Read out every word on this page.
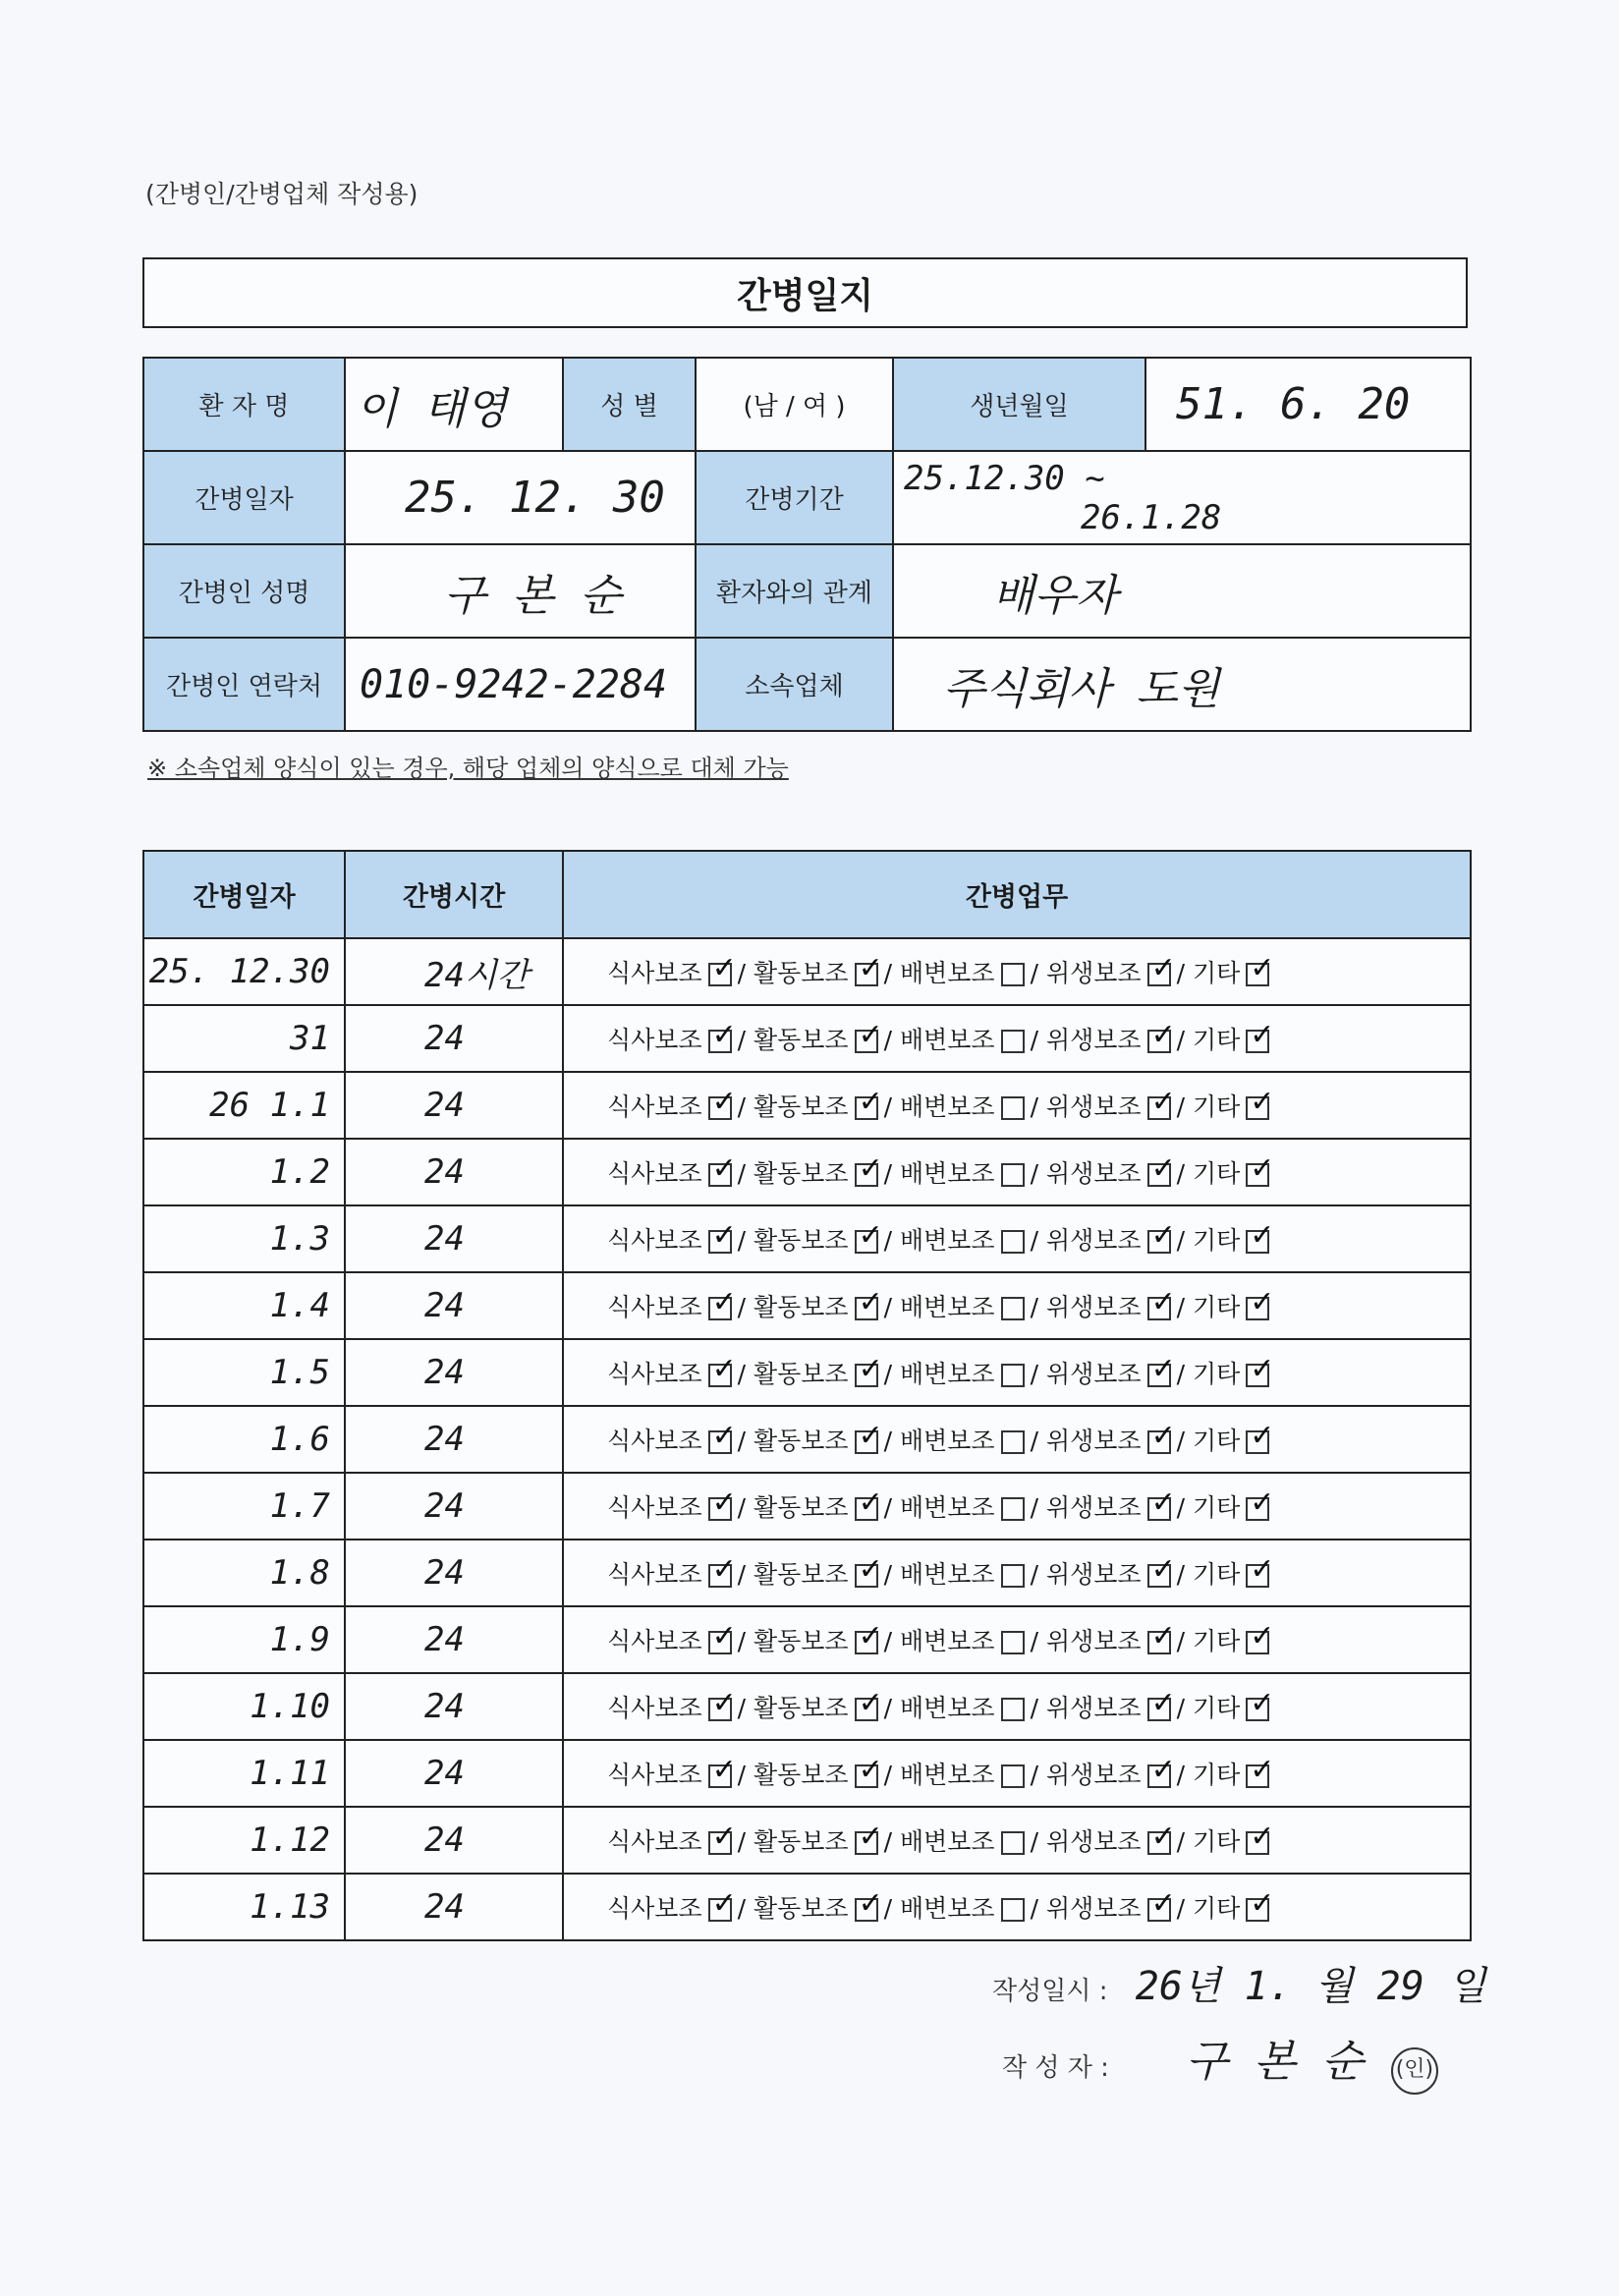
(간병인/간병업체 작성용)
간병일지
환 자 명	이 태영	성 별	(남 / 여 )	생년월일	51. 6. 20
간병일자	25. 12. 30		간병기간	25.12.30 ~
26.1.28	

간병인 성명	구 본 순		환자와의 관계	배우자	
간병인 연락처	010-9242-2284		소속업체	주식회사 도원	
※ 소속업체 양식이 있는 경우, 해당 업체의 양식으로 대체 가능
간병일자	간병시간	간병업무
25. 12.30	24시간	식사보조 ✓ / 활동보조 ✓ / 배변보조 / 위생보조 ✓ / 기타✓
31	24	식사보조 ✓ / 활동보조 ✓ / 배변보조 / 위생보조 ✓ / 기타✓
26 1.1	24	식사보조 ✓ / 활동보조 ✓ / 배변보조 / 위생보조 ✓ / 기타✓
1.2	24	식사보조 ✓ / 활동보조 ✓ / 배변보조 / 위생보조 ✓ / 기타✓
1.3	24	식사보조 ✓ / 활동보조 ✓ / 배변보조 / 위생보조 ✓ / 기타✓
1.4	24	식사보조 ✓ / 활동보조 ✓ / 배변보조 / 위생보조 ✓ / 기타✓
1.5	24	식사보조 ✓ / 활동보조 ✓ / 배변보조 / 위생보조 ✓ / 기타✓
1.6	24	식사보조 ✓ / 활동보조 ✓ / 배변보조 / 위생보조 ✓ / 기타✓
1.7	24	식사보조 ✓ / 활동보조 ✓ / 배변보조 / 위생보조 ✓ / 기타✓
1.8	24	식사보조 ✓ / 활동보조 ✓ / 배변보조 / 위생보조 ✓ / 기타✓
1.9	24	식사보조 ✓ / 활동보조 ✓ / 배변보조 / 위생보조 ✓ / 기타✓
1.10	24	식사보조 ✓ / 활동보조 ✓ / 배변보조 / 위생보조 ✓ / 기타✓
1.11	24	식사보조 ✓ / 활동보조 ✓ / 배변보조 / 위생보조 ✓ / 기타✓
1.12	24	식사보조 ✓ / 활동보조 ✓ / 배변보조 / 위생보조 ✓ / 기타✓
1.13	24	식사보조 ✓ / 활동보조 ✓ / 배변보조 / 위생보조 ✓ / 기타✓
작성일시 : 26년 1. 월 29 일
작 성 자 : 구 본 순 (인)
